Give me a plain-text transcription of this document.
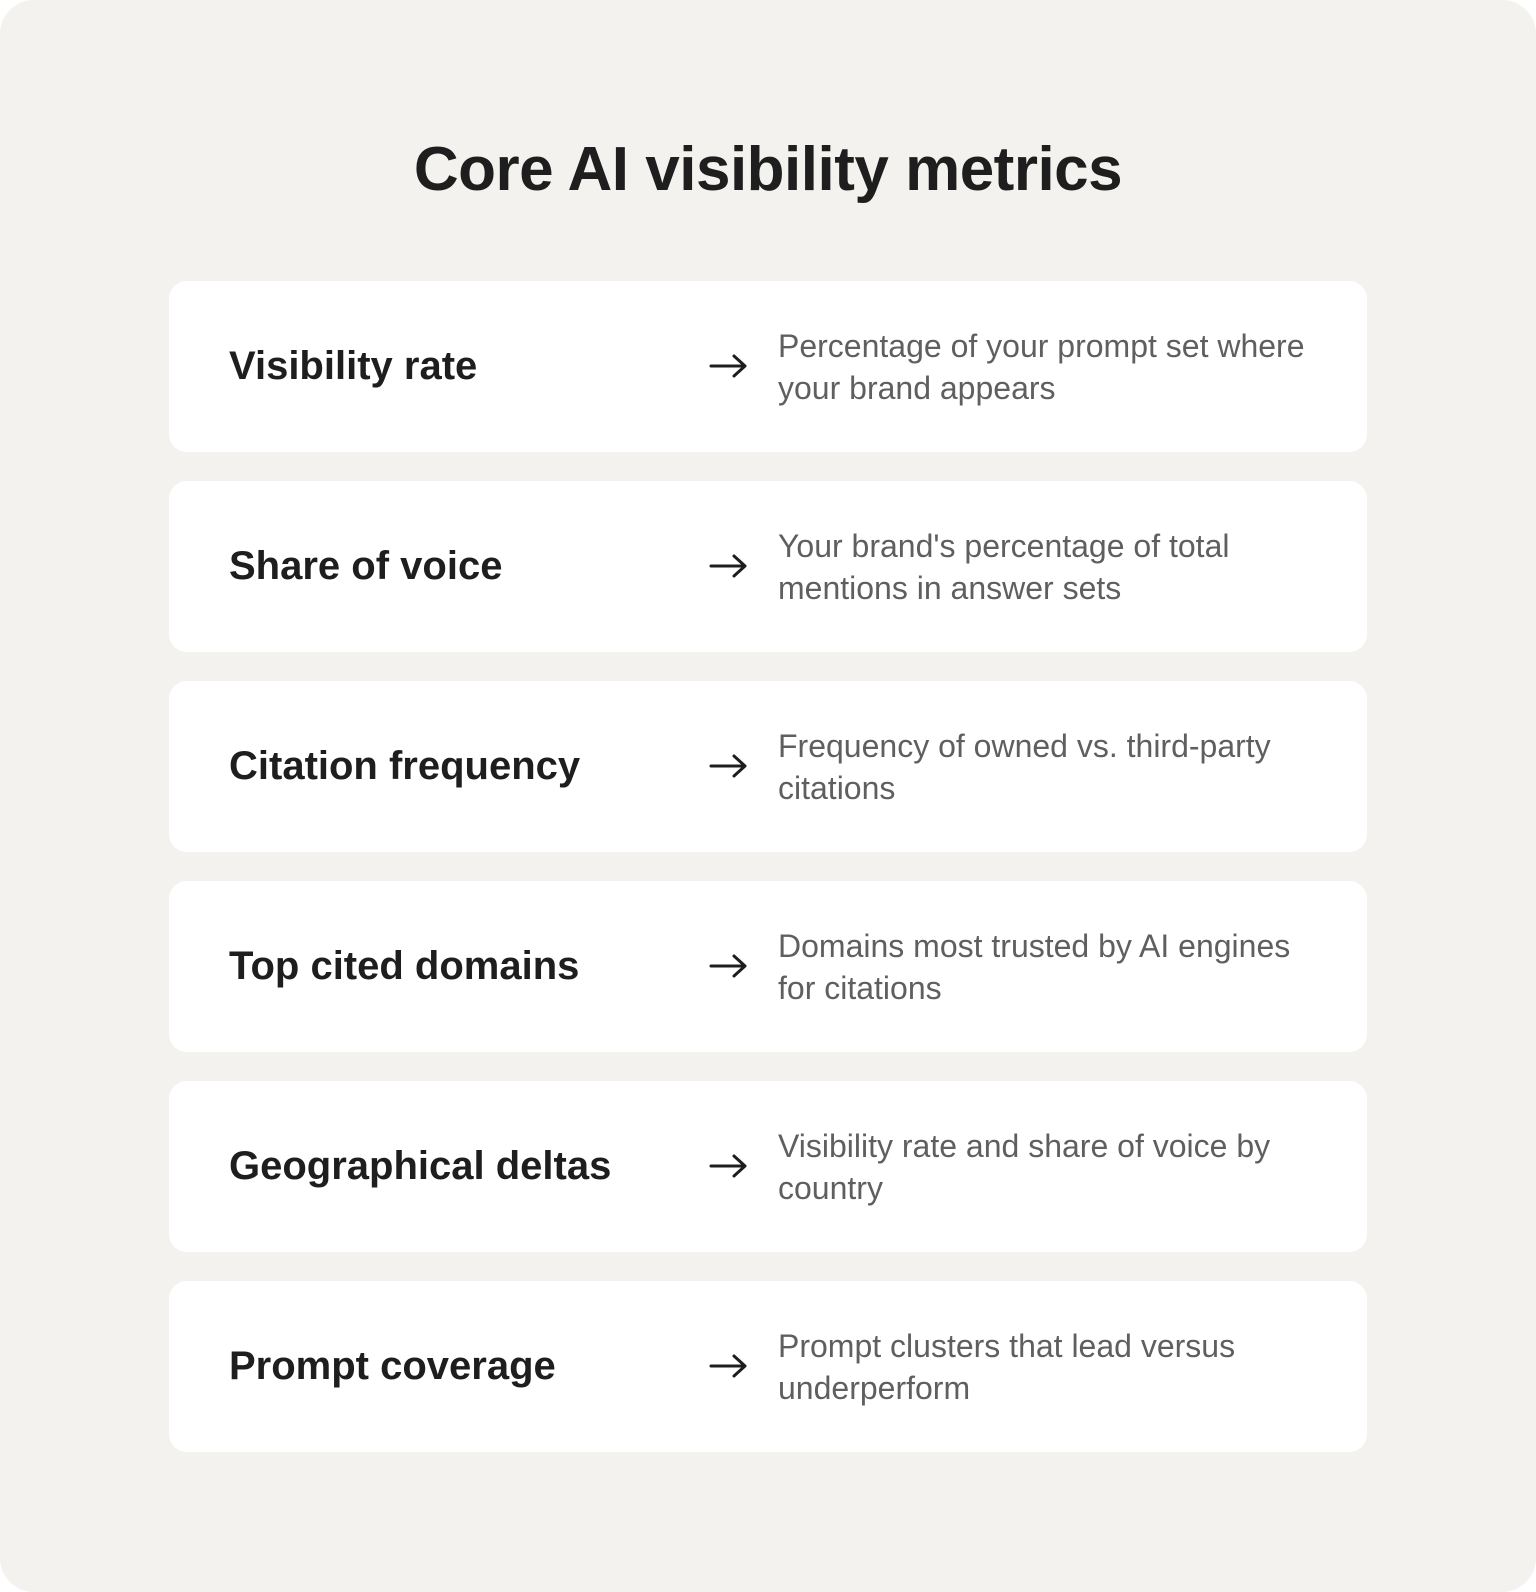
Core AI visibility metrics
Visibility rate	Percentage of your prompt set where your brand appears
Share of voice	Your brand's percentage of total mentions in answer sets
Citation frequency	Frequency of owned vs. third-party citations
Top cited domains	Domains most trusted by AI engines for citations
Geographical deltas	Visibility rate and share of voice by country
Prompt coverage	Prompt clusters that lead versus underperform
